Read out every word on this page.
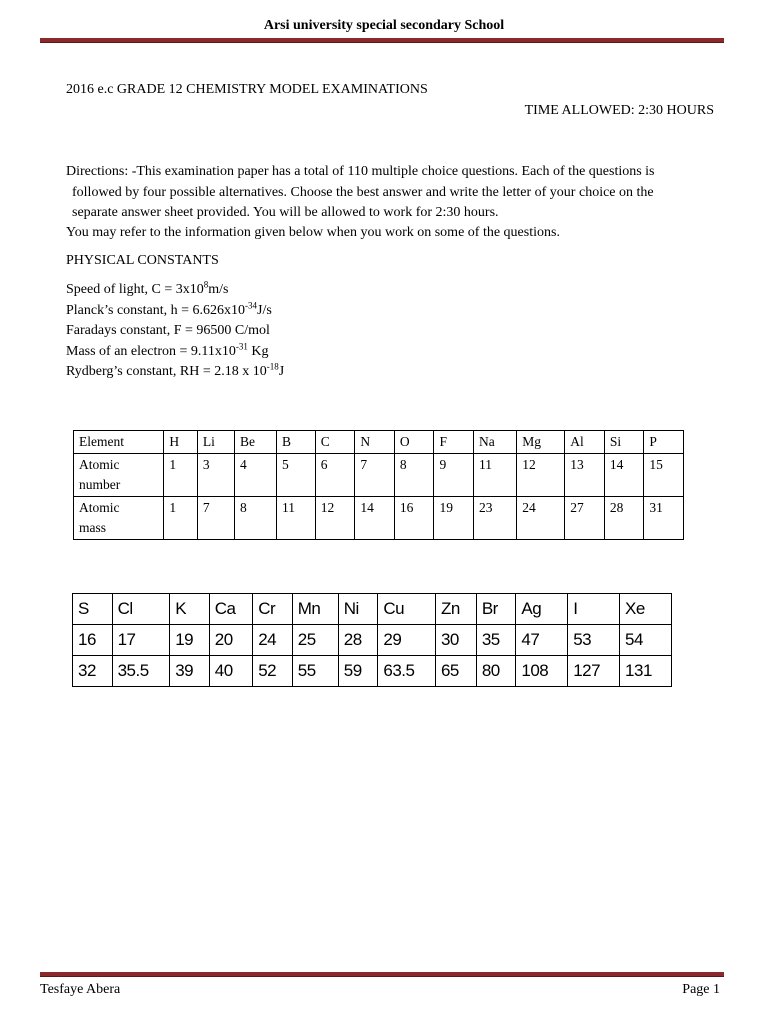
Arsi university special secondary School
2016 e.c GRADE 12 CHEMISTRY MODEL EXAMINATIONS
TIME ALLOWED: 2:30 HOURS
Directions: -This examination paper has a total of 110 multiple choice questions. Each of the questions is
followed by four possible alternatives. Choose the best answer and write the letter of your choice on the
separate answer sheet provided. You will be allowed to work for 2:30 hours.
You may refer to the information given below when you work on some of the questions.
PHYSICAL CONSTANTS
Speed of light, $C = 3x10^8m/s$
Planck’s constant, $h = 6.626x10^{-34}J/s$
Faradays constant, F = 96500 C/mol
Mass of an electron = $9.11x10^{-31}$ Kg
Rydberg’s constant, RH = 2.18 x $10^{-18}J$
Element	H	Li	Be	B	C	N	O	F	Na	Mg	Al	Si	P
Atomic
number	1	3	4	5	6	7	8	9	11	12	13	14	15
Atomic
mass	1	7	8	11	12	14	16	19	23	24	27	28	31
S	Cl	K	Ca	Cr	Mn	Ni	Cu	Zn	Br	Ag	I	Xe
16	17	19	20	24	25	28	29	30	35	47	53	54
32	35.5	39	40	52	55	59	63.5	65	80	108	127	131
Tesfaye Abera	Page 1
